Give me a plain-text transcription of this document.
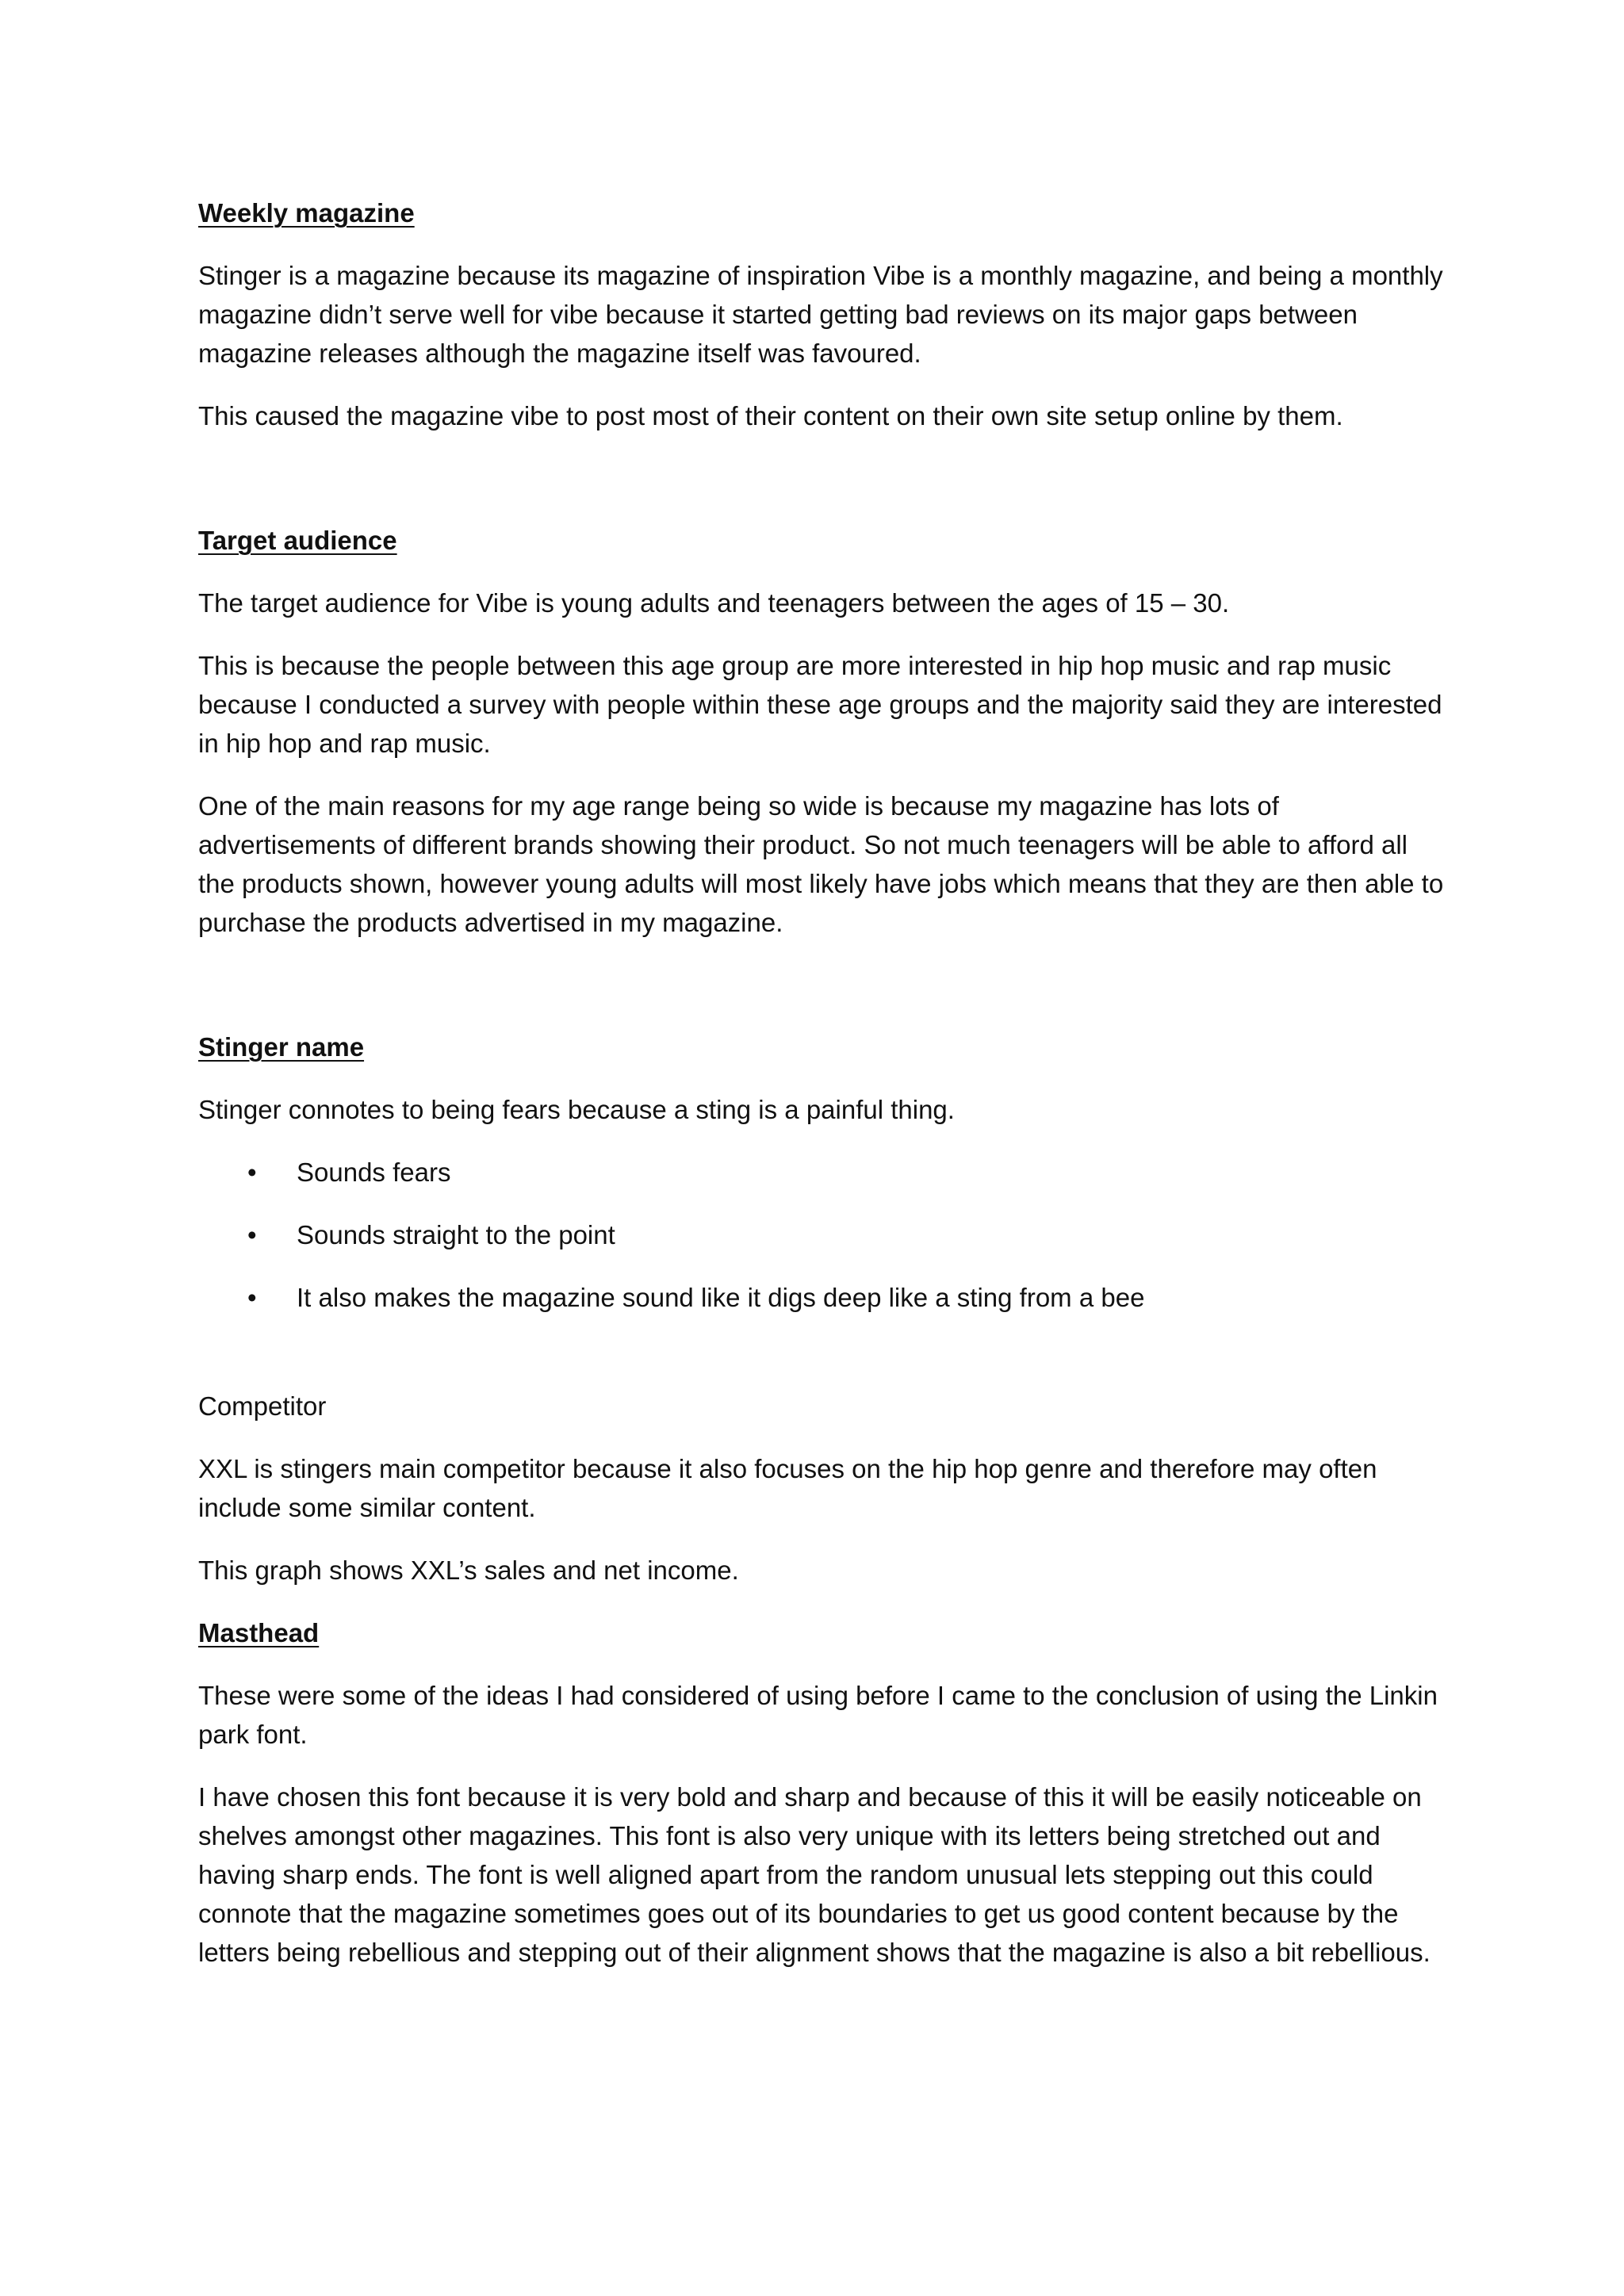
Weekly magazine

Stinger is a magazine because its magazine of inspiration Vibe is a monthly magazine, and being a monthly magazine didn’t serve well for vibe because it started getting bad reviews on its major gaps between magazine releases although the magazine itself was favoured.

This caused the magazine vibe to post most of their content on their own site setup online by them.

Target audience

The target audience for Vibe is young adults and teenagers between the ages of 15 – 30.

This is because the people between this age group are more interested in hip hop music and rap music because I conducted a survey with people within these age groups and the majority said they are interested in hip hop and rap music.

One of the main reasons for my age range being so wide is because my magazine has lots of advertisements of different brands showing their product. So not much teenagers will be able to afford all the products shown, however young adults will most likely have jobs which means that they are then able to purchase the products advertised in my magazine.

Stinger name

Stinger connotes to being fears because a sting is a painful thing.

• Sounds fears
• Sounds straight to the point
• It also makes the magazine sound like it digs deep like a sting from a bee
Competitor

XXL is stingers main competitor because it also focuses on the hip hop genre and therefore may often include some similar content.

This graph shows XXL’s sales and net income.

Masthead

These were some of the ideas I had considered of using before I came to the conclusion of using the Linkin park font.

I have chosen this font because it is very bold and sharp and because of this it will be easily noticeable on shelves amongst other magazines. This font is also very unique with its letters being stretched out and having sharp ends. The font is well aligned apart from the random unusual lets stepping out this could connote that the magazine sometimes goes out of its boundaries to get us good content because by the letters being rebellious and stepping out of their alignment shows that the magazine is also a bit rebellious.
